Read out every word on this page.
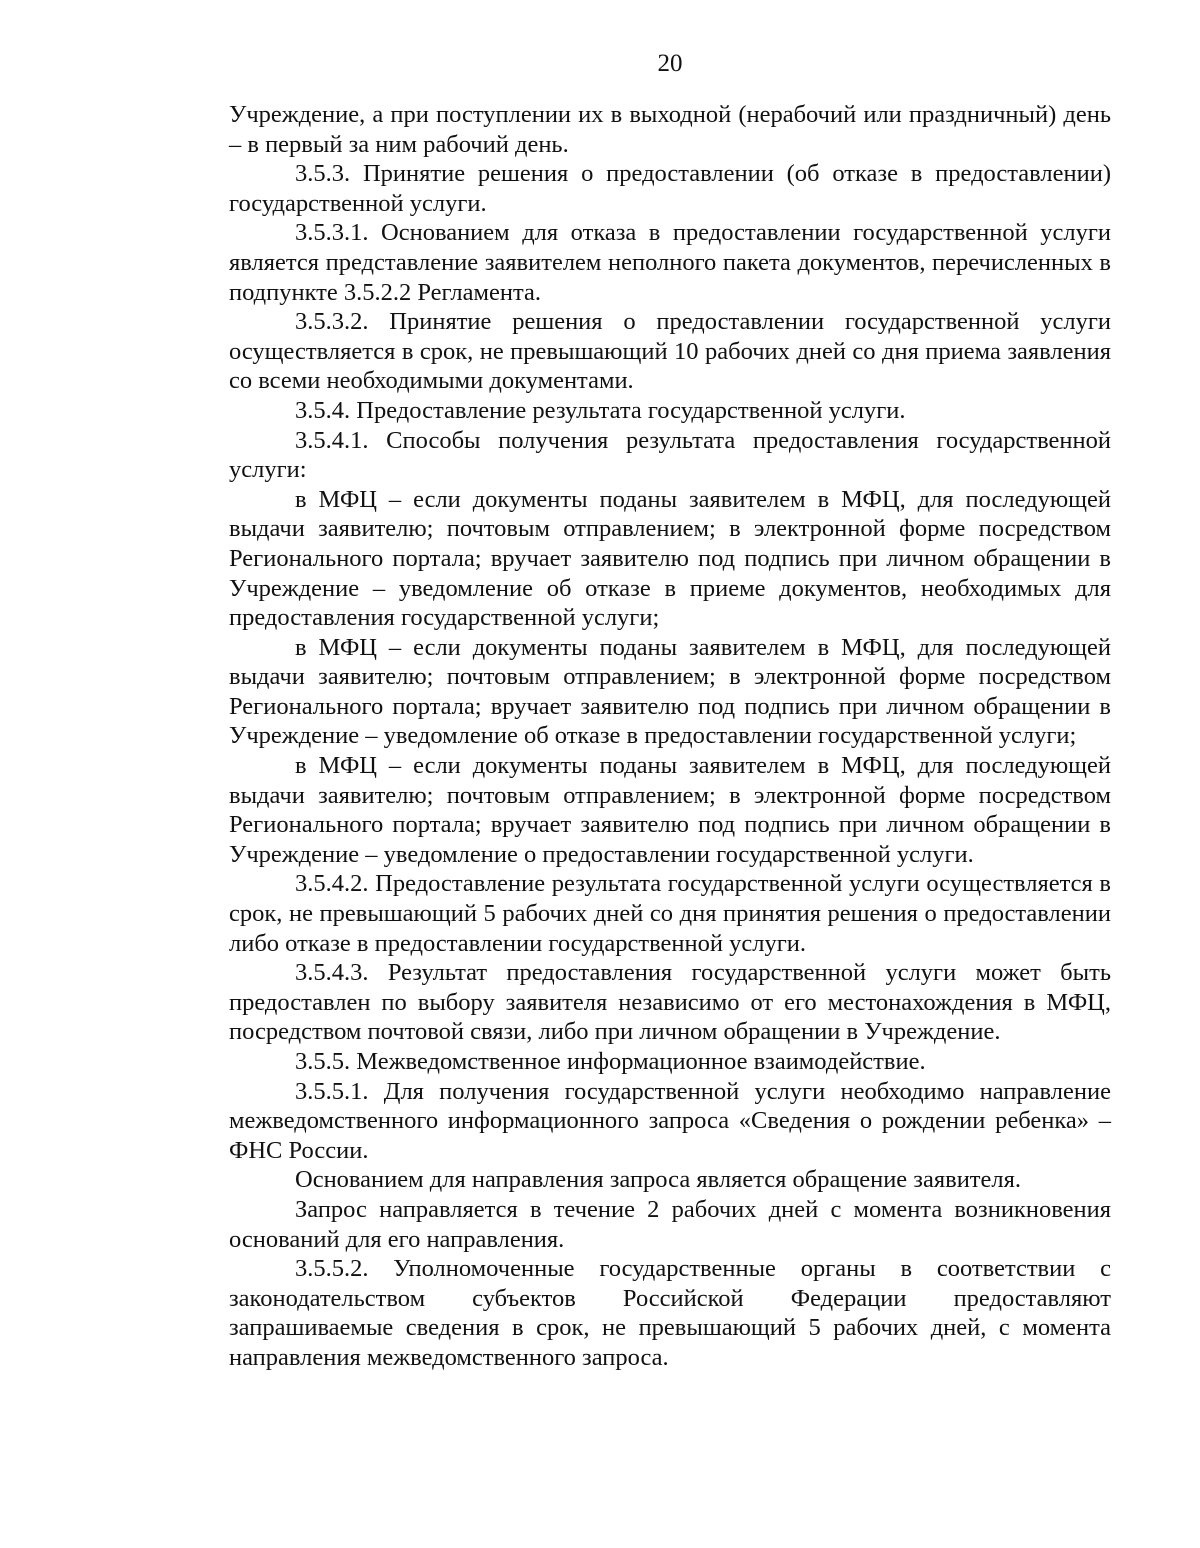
20

Учреждение, а при поступлении их в выходной (нерабочий или праздничный) день – в первый за ним рабочий день.

3.5.3. Принятие решения о предоставлении (об отказе в предоставлении) государственной услуги.

3.5.3.1. Основанием для отказа в предоставлении государственной услуги является представление заявителем неполного пакета документов, перечисленных в подпункте 3.5.2.2 Регламента.

3.5.3.2. Принятие решения о предоставлении государственной услуги осуществляется в срок, не превышающий 10 рабочих дней со дня приема заявления со всеми необходимыми документами.

3.5.4. Предоставление результата государственной услуги.

3.5.4.1. Способы получения результата предоставления государственной услуги:

в МФЦ – если документы поданы заявителем в МФЦ, для последующей выдачи заявителю; почтовым отправлением; в электронной форме посредством Регионального портала; вручает заявителю под подпись при личном обращении в Учреждение – уведомление об отказе в приеме документов, необходимых для предоставления государственной услуги;

в МФЦ – если документы поданы заявителем в МФЦ, для последующей выдачи заявителю; почтовым отправлением; в электронной форме посредством Регионального портала; вручает заявителю под подпись при личном обращении в Учреждение – уведомление об отказе в предоставлении государственной услуги;

в МФЦ – если документы поданы заявителем в МФЦ, для последующей выдачи заявителю; почтовым отправлением; в электронной форме посредством Регионального портала; вручает заявителю под подпись при личном обращении в Учреждение – уведомление о предоставлении государственной услуги.

3.5.4.2. Предоставление результата государственной услуги осуществляется в срок, не превышающий 5 рабочих дней со дня принятия решения о предоставлении либо отказе в предоставлении государственной услуги.

3.5.4.3. Результат предоставления государственной услуги может быть предоставлен по выбору заявителя независимо от его местонахождения в МФЦ, посредством почтовой связи, либо при личном обращении в Учреждение.

3.5.5. Межведомственное информационное взаимодействие.

3.5.5.1. Для получения государственной услуги необходимо направление межведомственного информационного запроса «Сведения о рождении ребенка» – ФНС России.

Основанием для направления запроса является обращение заявителя.

Запрос направляется в течение 2 рабочих дней с момента возникновения оснований для его направления.

3.5.5.2. Уполномоченные государственные органы в соответствии с законодательством субъектов Российской Федерации предоставляют запрашиваемые сведения в срок, не превышающий 5 рабочих дней, с момента направления межведомственного запроса.
